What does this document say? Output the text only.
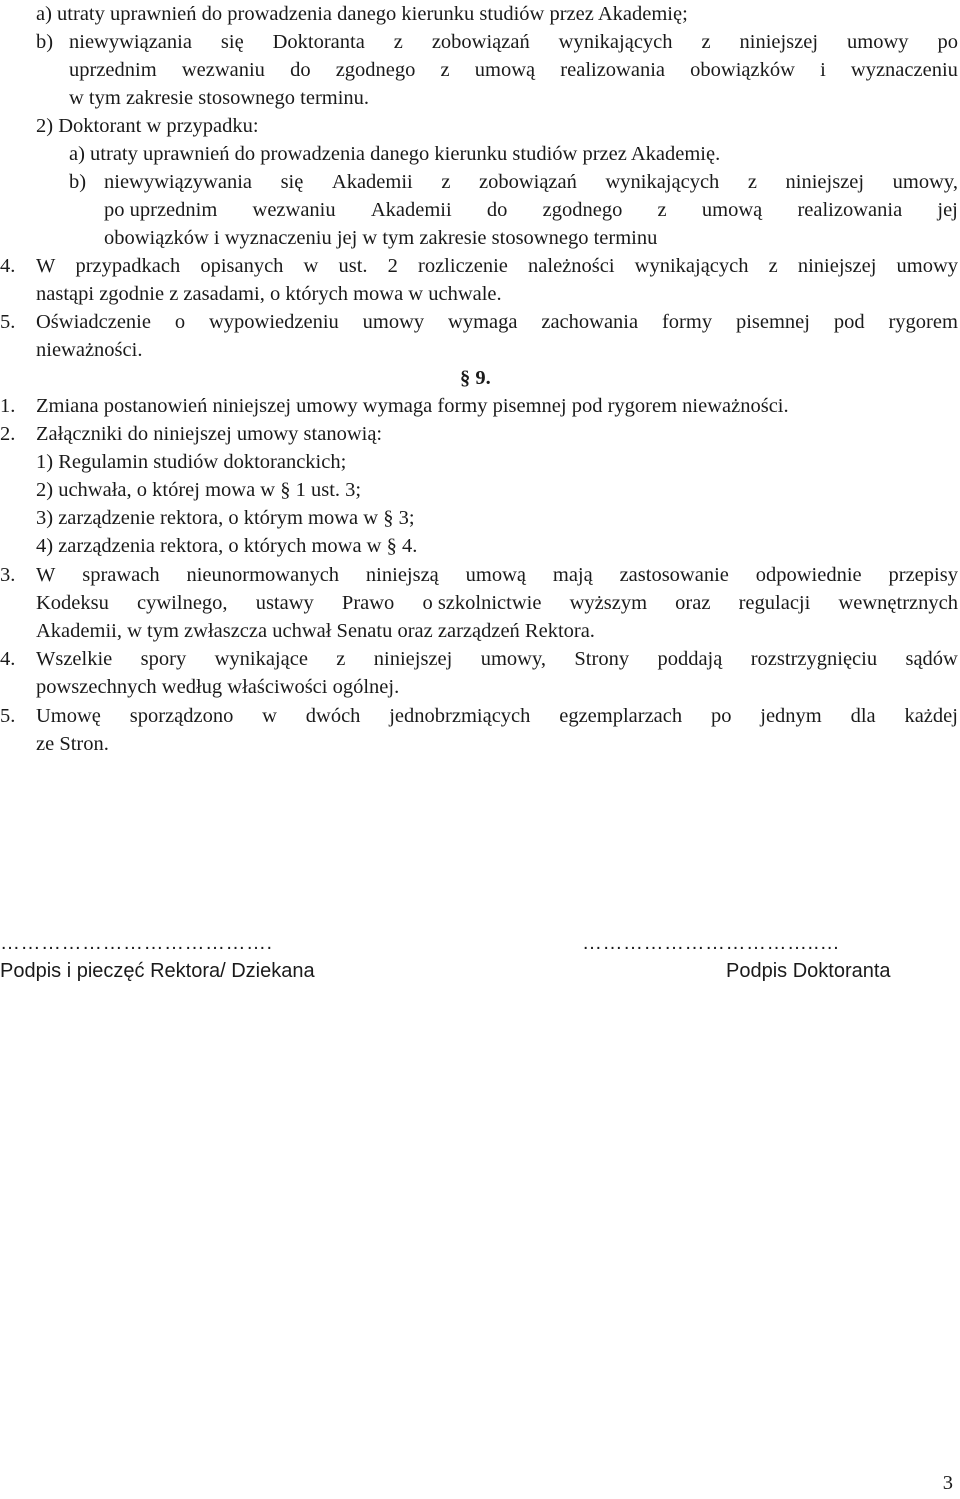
a) utraty uprawnień do prowadzenia danego kierunku studiów przez Akademię;
b) niewywiązania się Doktoranta z zobowiązań wynikających z niniejszej umowy po
uprzednim wezwaniu do zgodnego z umową realizowania obowiązków i wyznaczeniu
w tym zakresie stosownego terminu.
2) Doktorant w przypadku:
a) utraty uprawnień do prowadzenia danego kierunku studiów przez Akademię.
b) niewywiązywania się Akademii z zobowiązań wynikających z niniejszej umowy,
po uprzednim wezwaniu Akademii do zgodnego z umową realizowania jej
obowiązków i wyznaczeniu jej w tym zakresie stosownego terminu
4. W przypadkach opisanych w ust. 2 rozliczenie należności wynikających z niniejszej umowy
nastąpi zgodnie z zasadami, o których mowa w uchwale.
5. Oświadczenie o wypowiedzeniu umowy wymaga zachowania formy pisemnej pod rygorem
nieważności.
§ 9.
1. Zmiana postanowień niniejszej umowy wymaga formy pisemnej pod rygorem nieważności.
2. Załączniki do niniejszej umowy stanowią:
1) Regulamin studiów doktoranckich;
2) uchwała, o której mowa w § 1 ust. 3;
3) zarządzenie rektora, o którym mowa w § 3;
4) zarządzenia rektora, o których mowa w § 4.
3. W sprawach nieunormowanych niniejszą umową mają zastosowanie odpowiednie przepisy
Kodeksu cywilnego, ustawy Prawo o szkolnictwie wyższym oraz regulacji wewnętrznych
Akademii, w tym zwłaszcza uchwał Senatu oraz zarządzeń Rektora.
4. Wszelkie spory wynikające z niniejszej umowy, Strony poddają rozstrzygnięciu sądów
powszechnych według właściwości ogólnej.
5. Umowę sporządzono w dwóch jednobrzmiących egzemplarzach po jednym dla każdej
ze Stron.
………………………………….
Podpis i pieczęć Rektora/ Dziekana
……………………………..…
Podpis Doktoranta
3
